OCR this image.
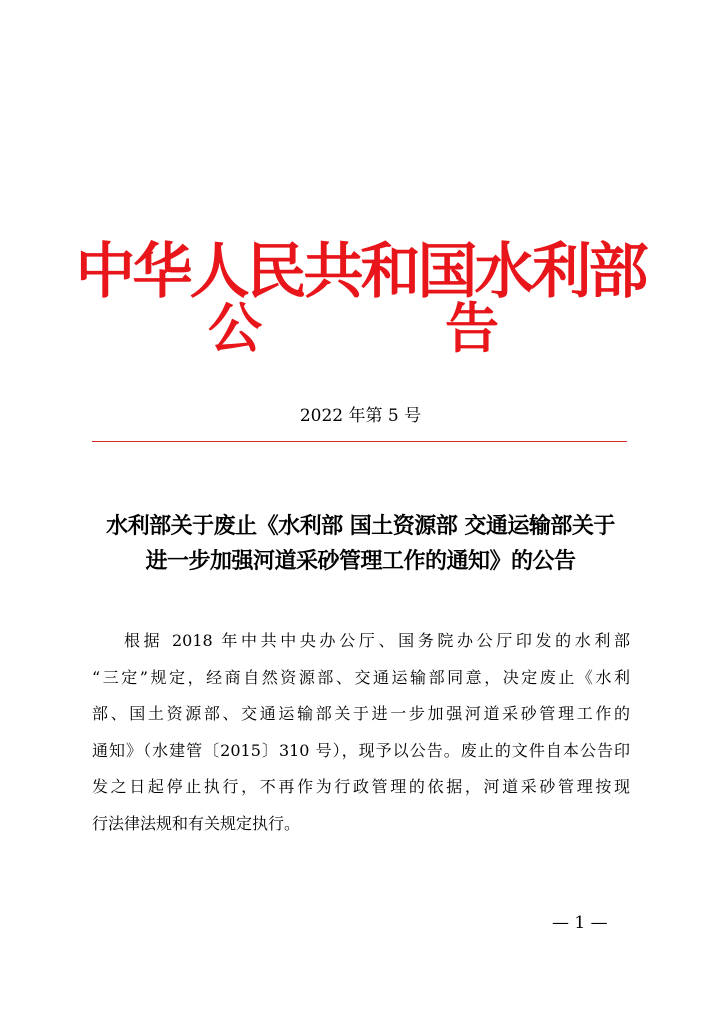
中华人民共和国水利部
公	告
2022 年第 5 号
水利部关于废止《水利部 国土资源部 交通运输部关于
进一步加强河道采砂管理工作的通知》的公告
根据 2018 年中共中央办公厅、国务院办公厅印发的水利部
“三定”规定，经商自然资源部、交通运输部同意，决定废止《水利
部、国土资源部、交通运输部关于进一步加强河道采砂管理工作的
通知》（水建管〔2015〕310 号），现予以公告。废止的文件自本公告印
发之日起停止执行，不再作为行政管理的依据，河道采砂管理按现
行法律法规和有关规定执行。
— 1 —
